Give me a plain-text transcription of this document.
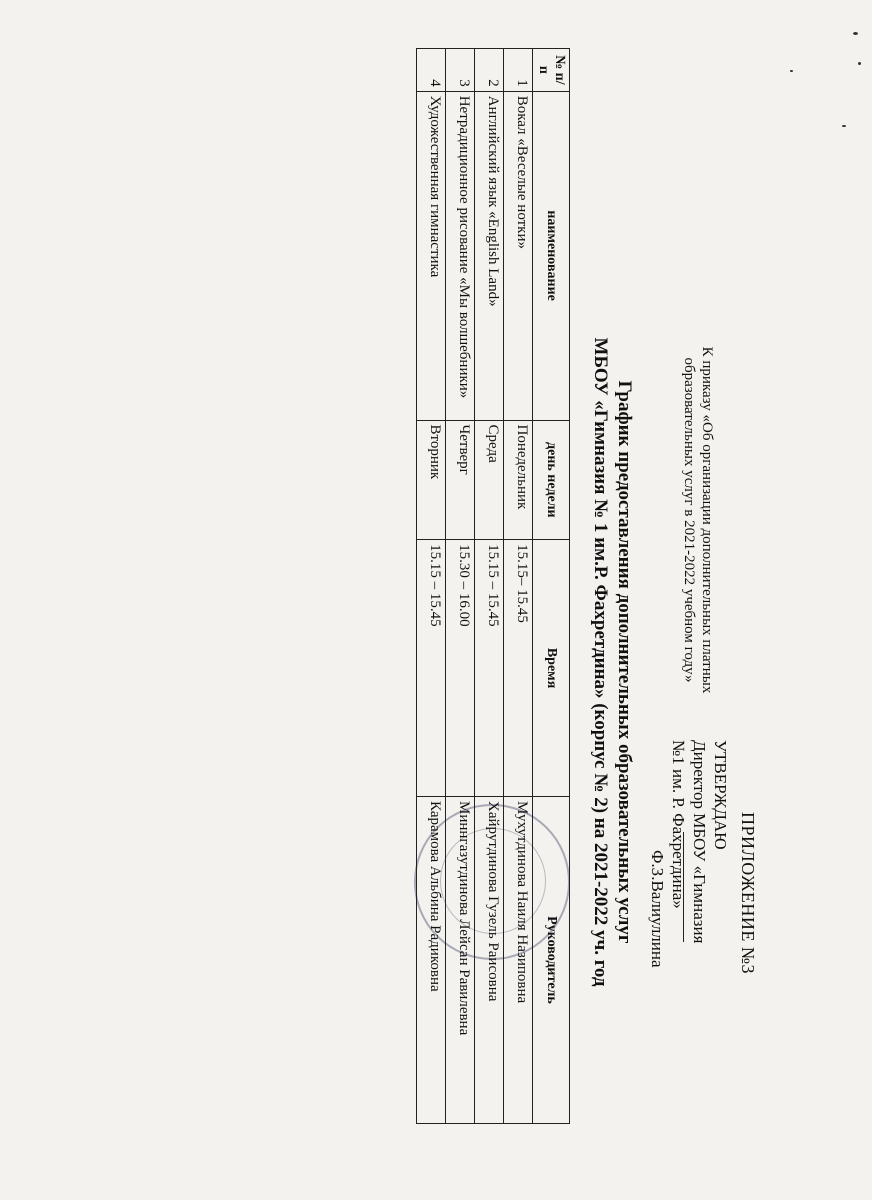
ПРИЛОЖЕНИЕ №3
УТВЕРЖДАЮ
Директор МБОУ «Гимназия
№1 им. Р. Фахретдина»
Ф.З.Валиуллина
К приказу «Об организации дополнительных платных
образовательных услуг в 2021-2022 учебном году»
График предоставления дополнительных образовательных услуг
МБОУ «Гимназия № 1 им.Р. Фахретдина» (корпус № 2) на 2021-2022 уч. год
№ п/п	наименование	день недели	Время	Руководитель
1	Вокал «Веселые нотки»	Понедельник	15.15– 15.45	Мухутдинова Наиля Назиповна
2	Английский язык «English Land»	Среда	15.15 – 15.45	Хайрутдинова Гузель Раисовна
3	Нетрадиционное рисование «Мы волшебники»	Четверг	15.30 – 16.00	Миннгазутдинова Лейсан Равилевна
4	Художественная гимнастика	Вторник	15.15 – 15.45	Карамова Альбина Радиковна
